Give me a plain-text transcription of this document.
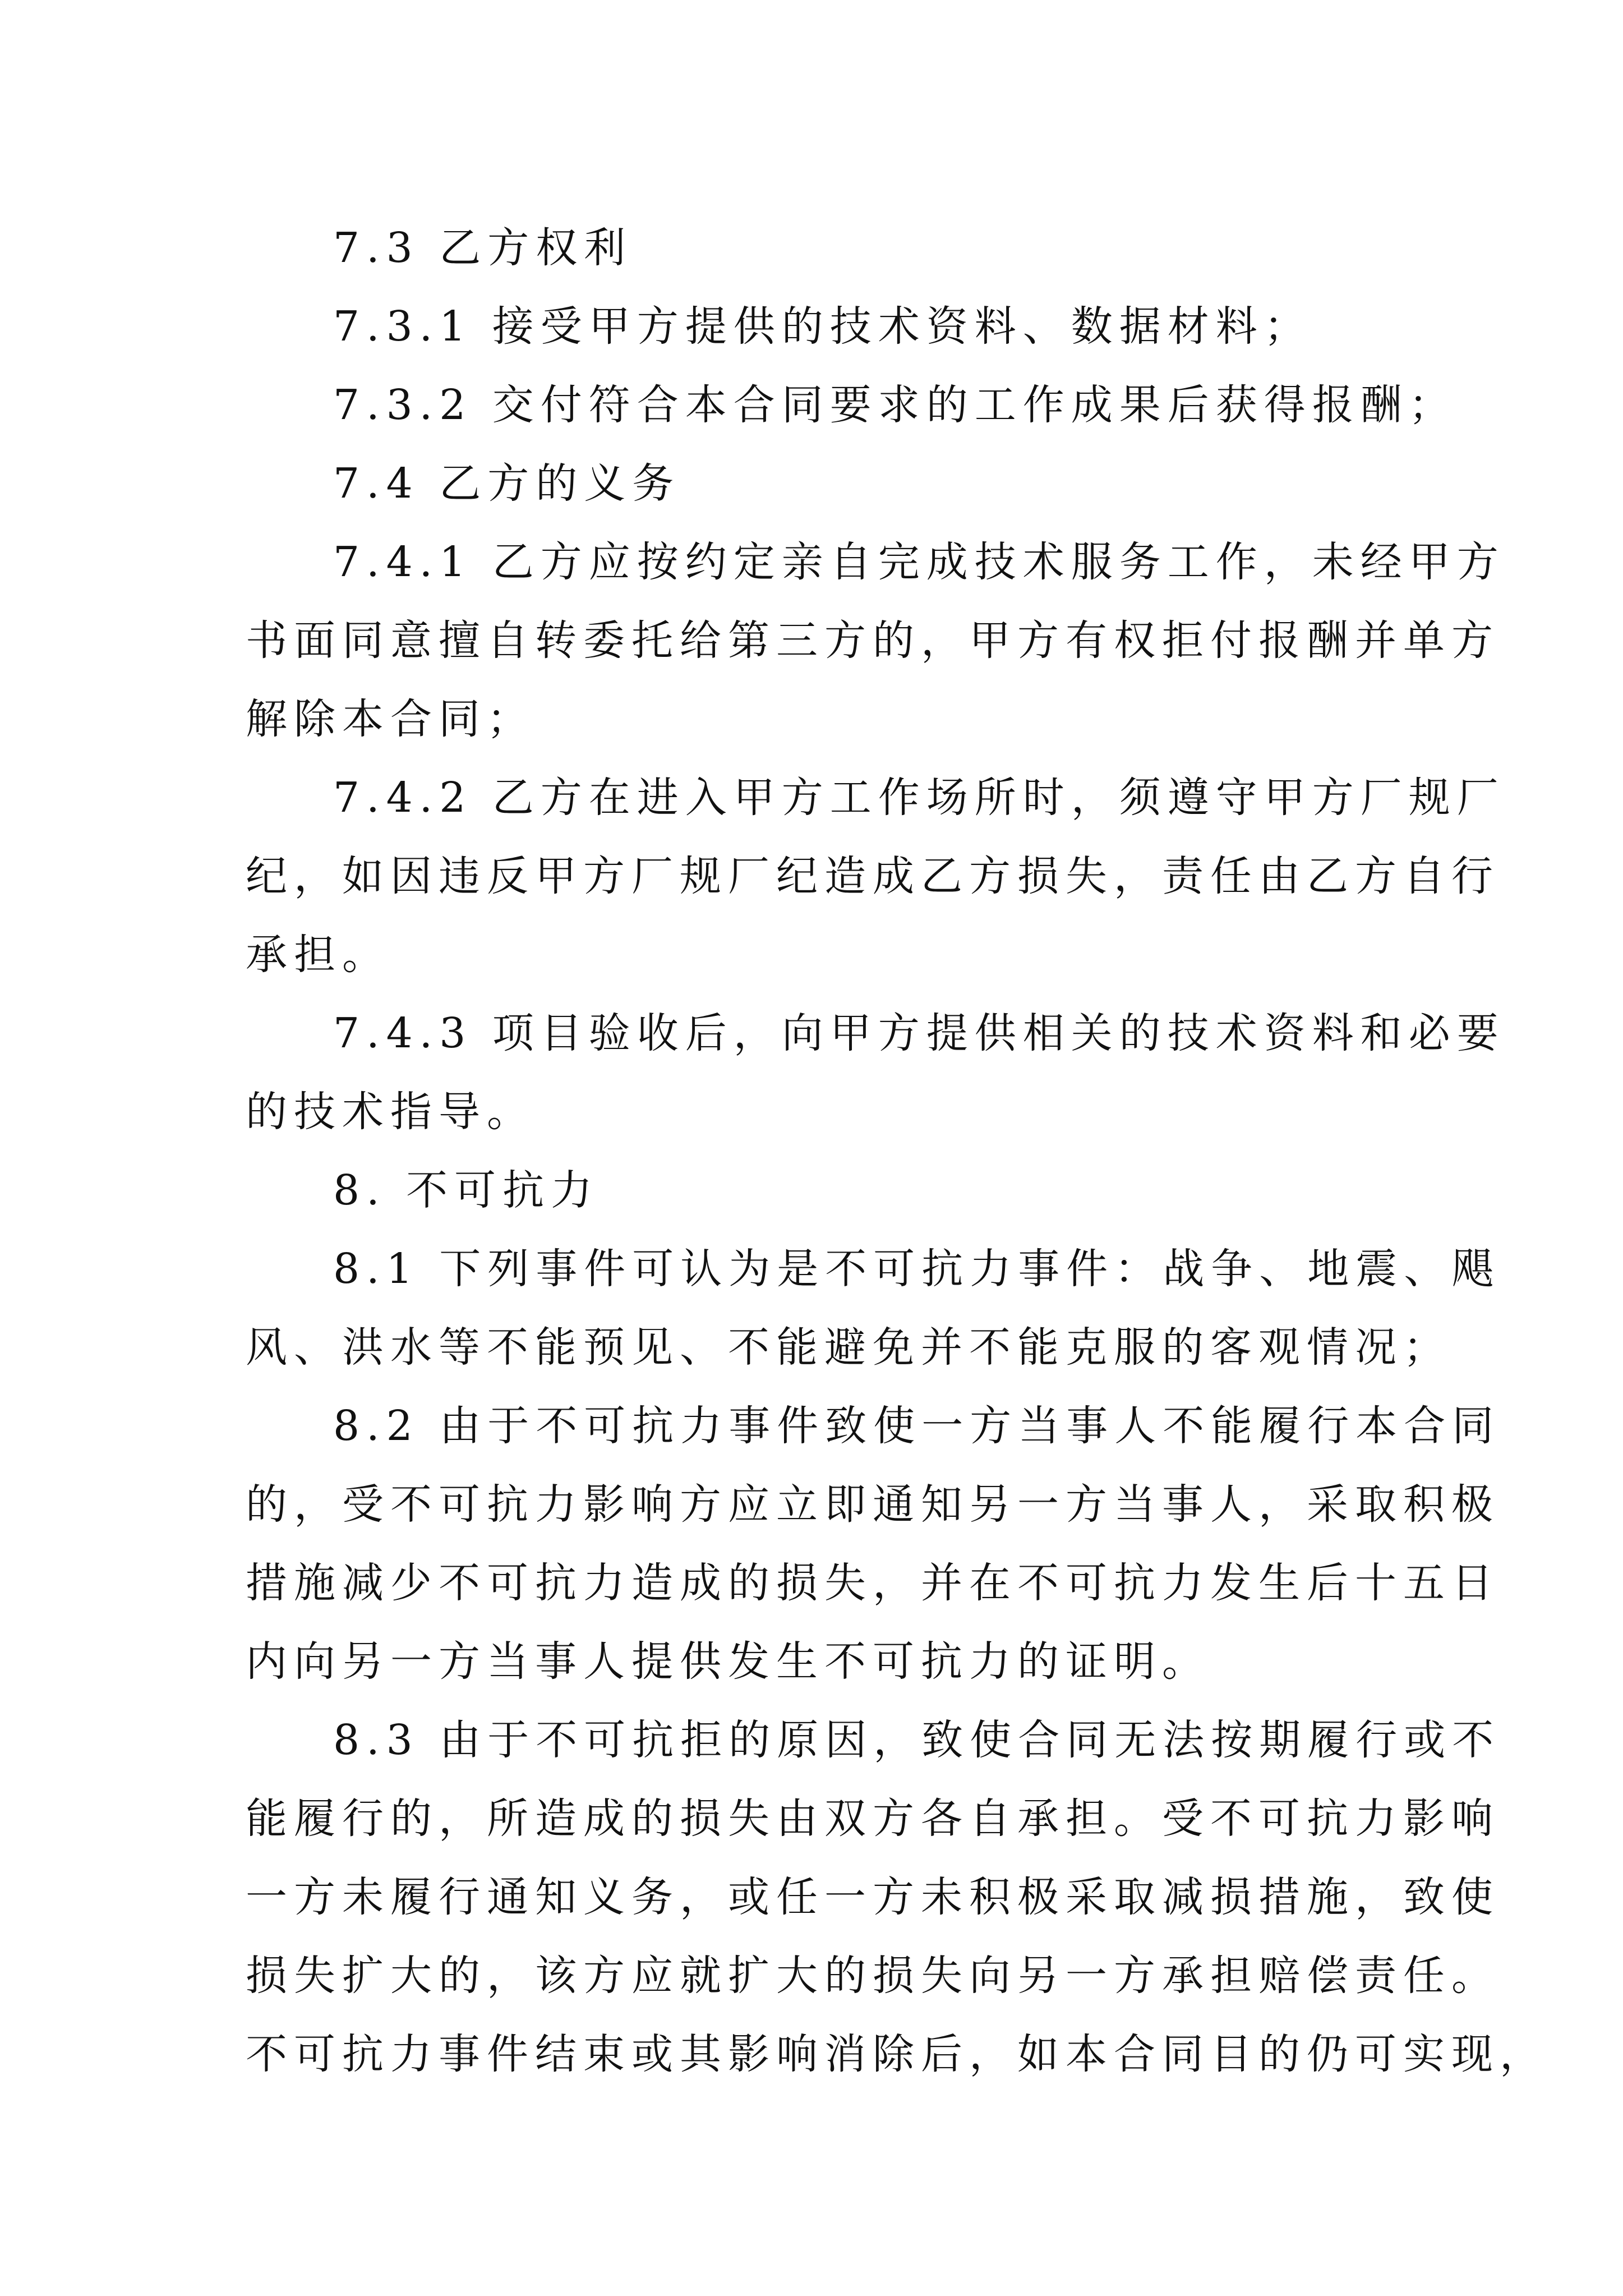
7.3 乙方权利

7.3.1 接受甲方提供的技术资料、数据材料；

7.3.2 交付符合本合同要求的工作成果后获得报酬；

7.4 乙方的义务

7.4.1 乙方应按约定亲自完成技术服务工作，未经甲方
书面同意擅自转委托给第三方的，甲方有权拒付报酬并单方
解除本合同；

7.4.2 乙方在进入甲方工作场所时，须遵守甲方厂规厂
纪，如因违反甲方厂规厂纪造成乙方损失，责任由乙方自行
承担。

7.4.3 项目验收后，向甲方提供相关的技术资料和必要
的技术指导。

8. 不可抗力

8.1 下列事件可认为是不可抗力事件：战争、地震、飓
风、洪水等不能预见、不能避免并不能克服的客观情况；

8.2 由于不可抗力事件致使一方当事人不能履行本合同
的，受不可抗力影响方应立即通知另一方当事人，采取积极
措施减少不可抗力造成的损失，并在不可抗力发生后十五日
内向另一方当事人提供发生不可抗力的证明。

8.3 由于不可抗拒的原因，致使合同无法按期履行或不
能履行的，所造成的损失由双方各自承担。受不可抗力影响
一方未履行通知义务，或任一方未积极采取减损措施，致使
损失扩大的，该方应就扩大的损失向另一方承担赔偿责任。
不可抗力事件结束或其影响消除后，如本合同目的仍可实现，
